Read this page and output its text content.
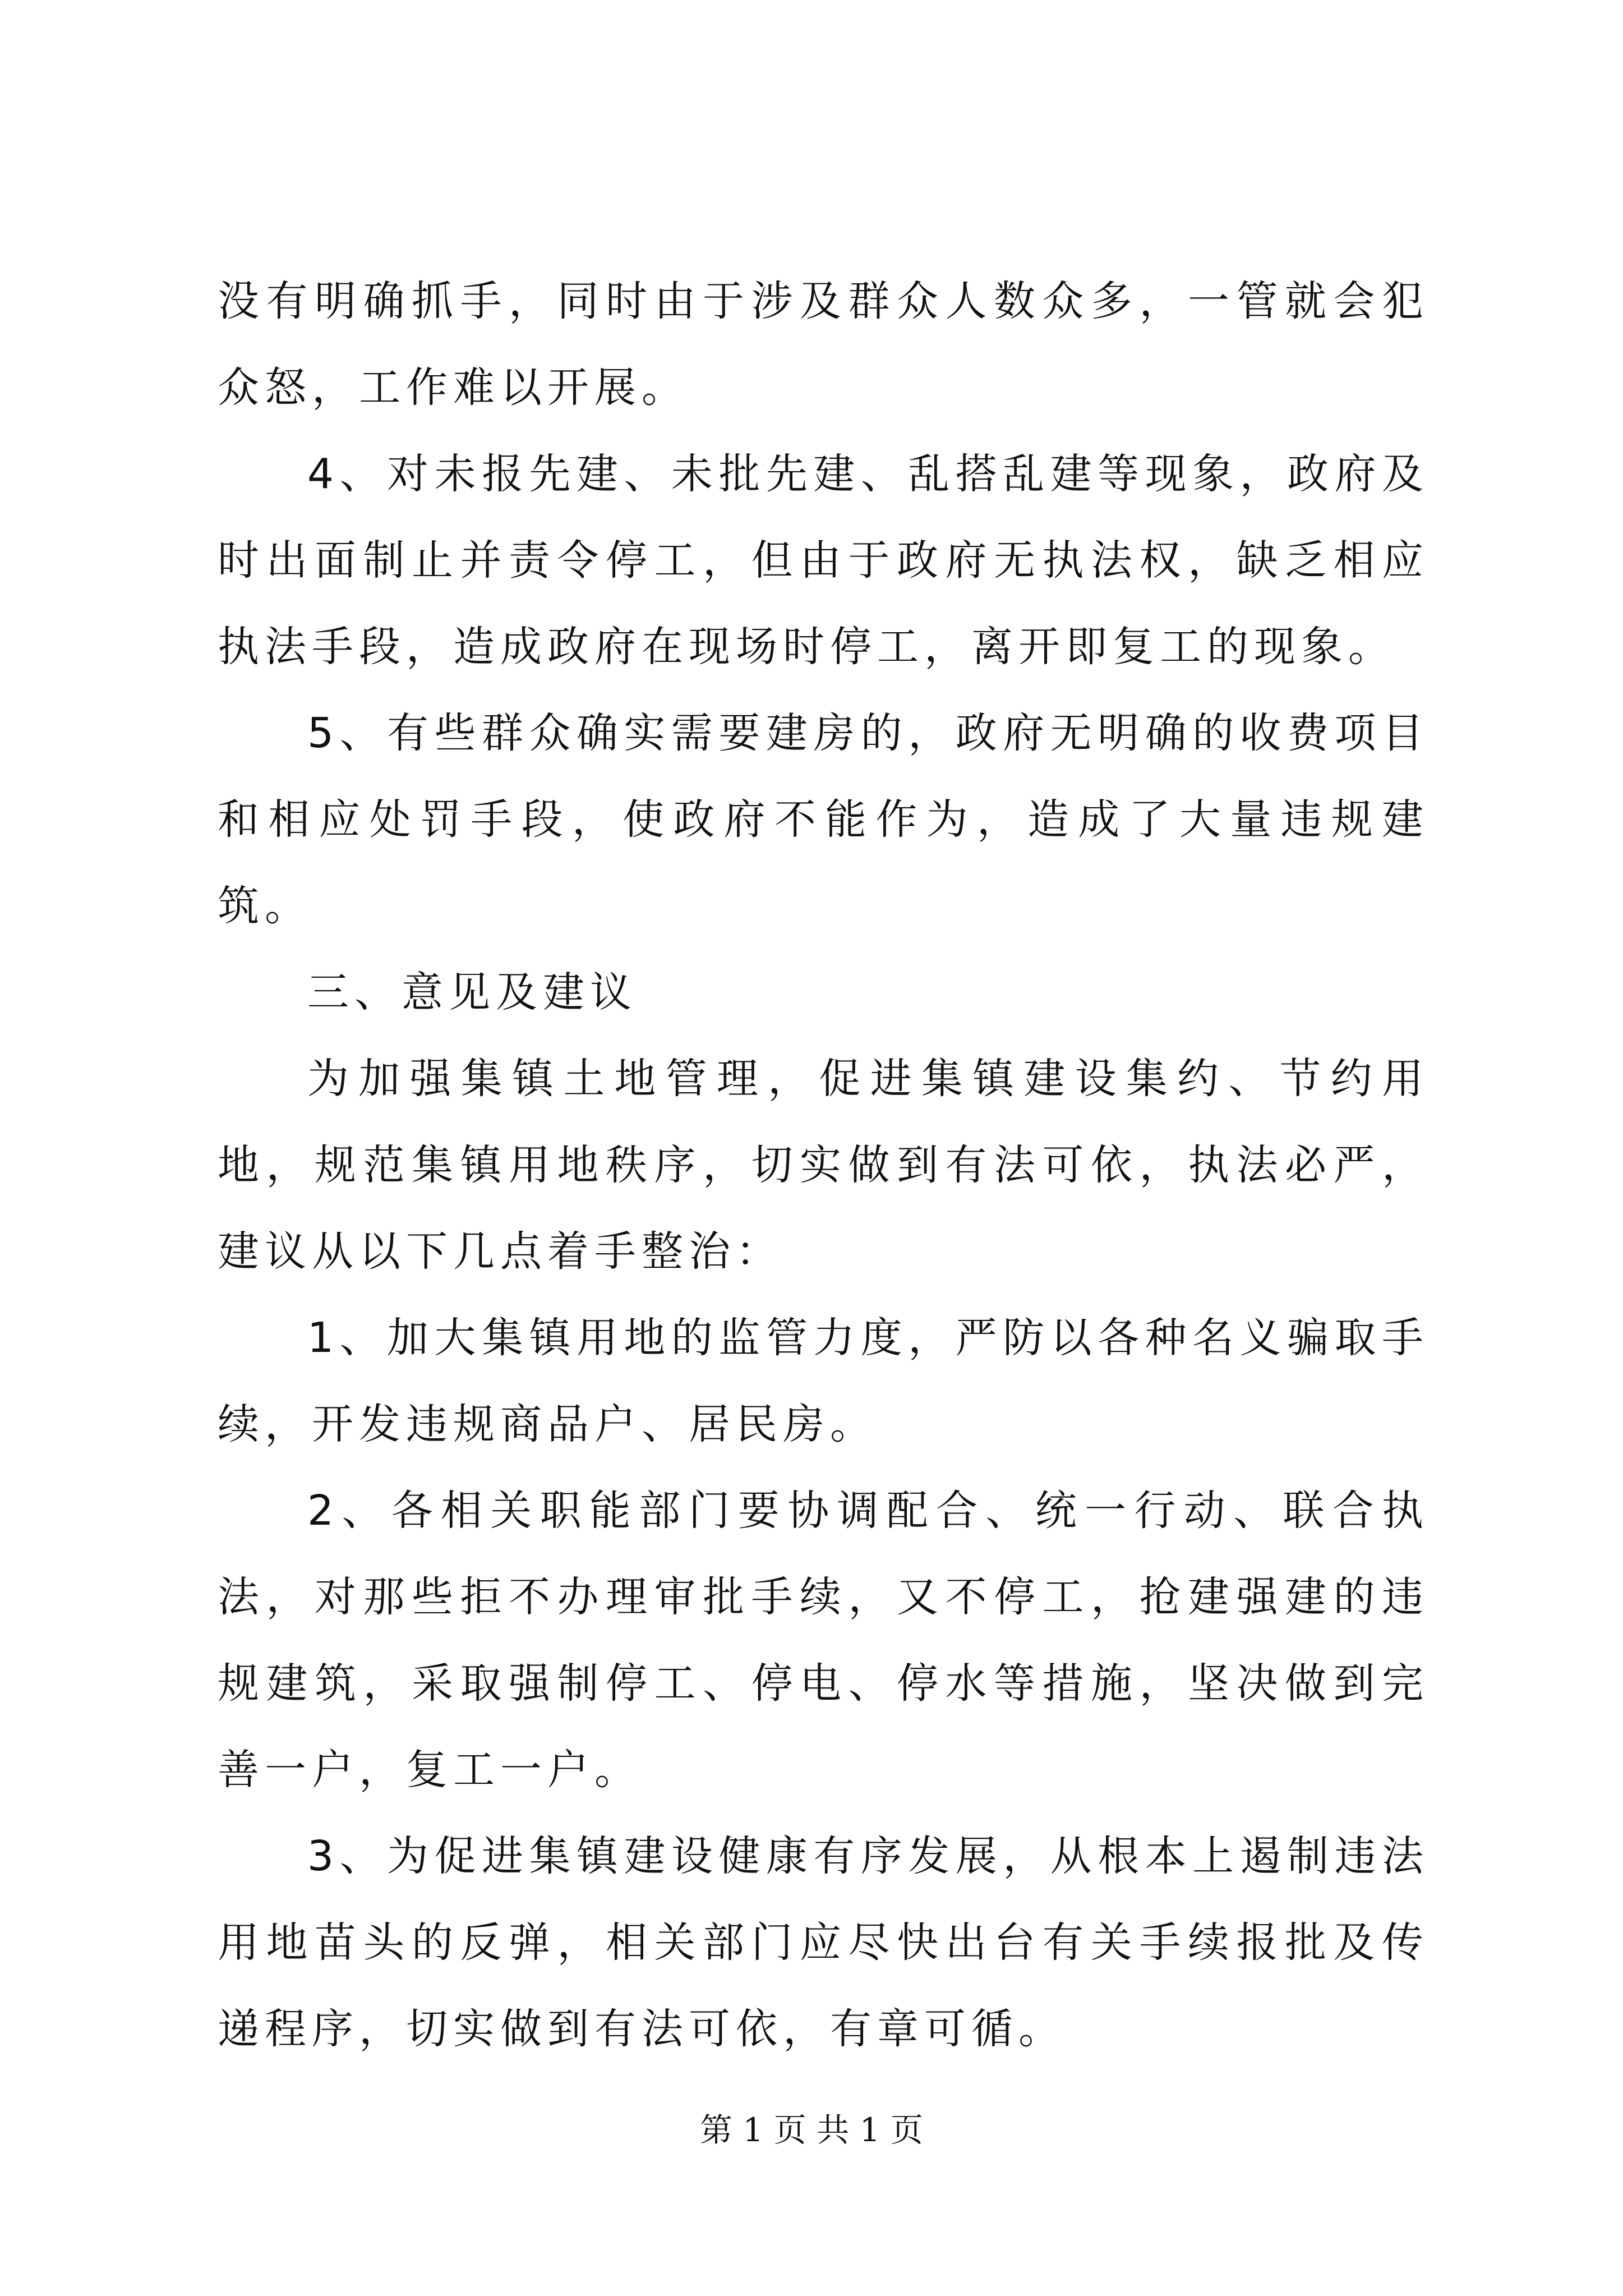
没有明确抓手，同时由于涉及群众人数众多，一管就会犯众怒，工作难以开展。

4、对未报先建、未批先建、乱搭乱建等现象，政府及时出面制止并责令停工，但由于政府无执法权，缺乏相应执法手段，造成政府在现场时停工，离开即复工的现象。

5、有些群众确实需要建房的，政府无明确的收费项目和相应处罚手段，使政府不能作为，造成了大量违规建筑。

三、意见及建议

为加强集镇土地管理，促进集镇建设集约、节约用地，规范集镇用地秩序，切实做到有法可依，执法必严，建议从以下几点着手整治：

1、加大集镇用地的监管力度，严防以各种名义骗取手续，开发违规商品户、居民房。

2、各相关职能部门要协调配合、统一行动、联合执法，对那些拒不办理审批手续，又不停工，抢建强建的违规建筑，采取强制停工、停电、停水等措施，坚决做到完善一户，复工一户。

3、为促进集镇建设健康有序发展，从根本上遏制违法用地苗头的反弹，相关部门应尽快出台有关手续报批及传递程序，切实做到有法可依，有章可循。

第 1 页 共 1 页
